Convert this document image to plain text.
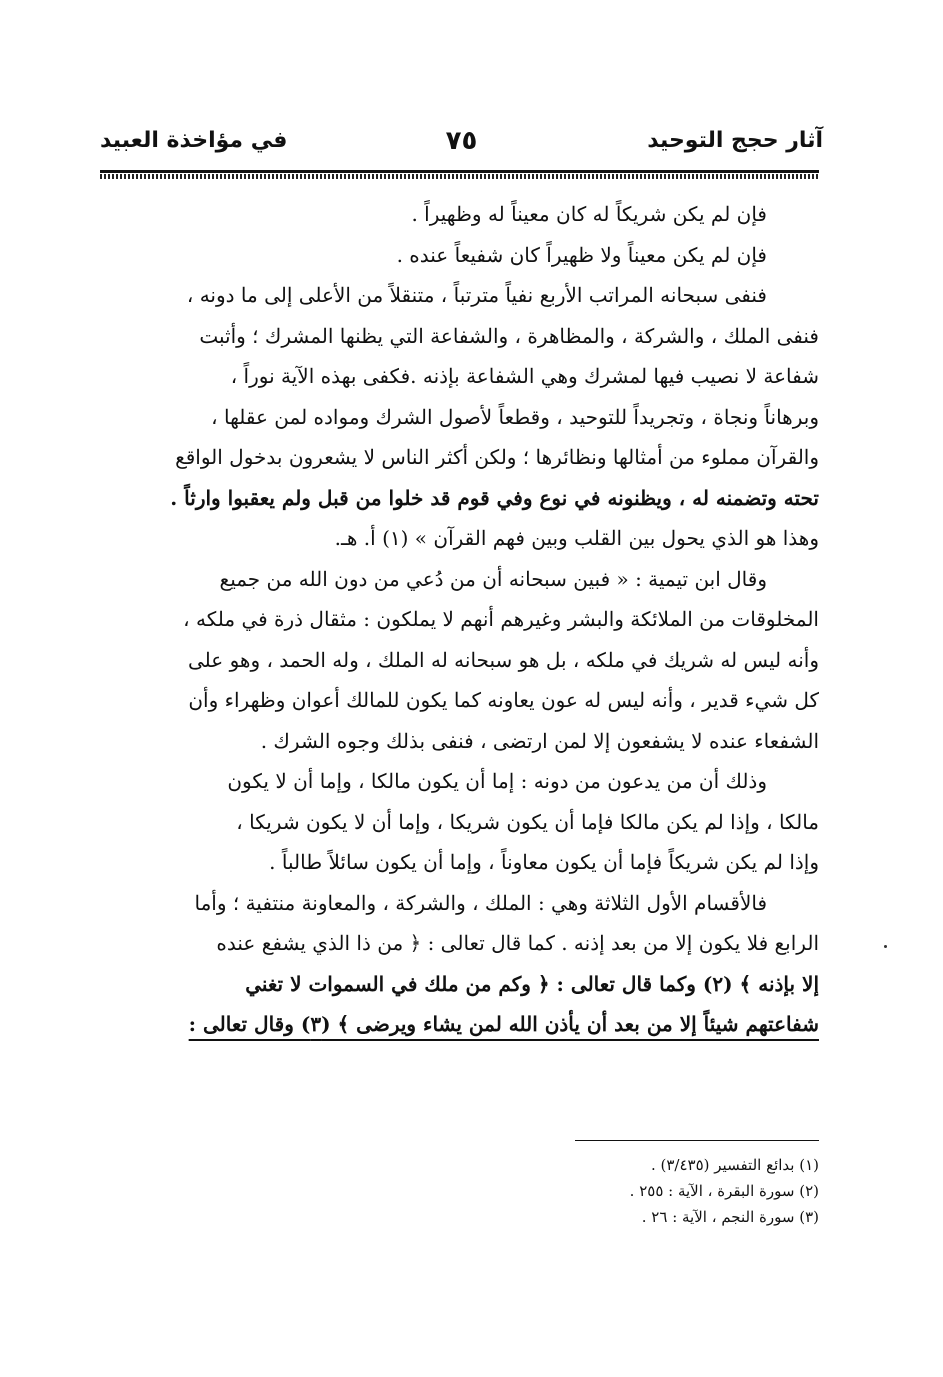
آثار حجج التوحيد
٧٥
في مؤاخذة العبيد
فإن لم يكن شريكاً له كان معيناً له وظهيراً .
فإن لم يكن معيناً ولا ظهيراً كان شفيعاً عنده .
فنفى سبحانه المراتب الأربع نفياً مترتباً ، متنقلاً من الأعلى إلى ما دونه ،
فنفى الملك ، والشركة ، والمظاهرة ، والشفاعة التي يظنها المشرك ؛ وأثبت
شفاعة لا نصيب فيها لمشرك وهي الشفاعة بإذنه .فكفى بهذه الآية نوراً ،
وبرهاناً ونجاة ، وتجريداً للتوحيد ، وقطعاً لأصول الشرك ومواده لمن عقلها ،
والقرآن مملوء من أمثالها ونظائرها ؛ ولكن أكثر الناس لا يشعرون بدخول الواقع
تحته وتضمنه له ، ويظنونه في نوع وفي قوم قد خلوا من قبل ولم يعقبوا وارثاً .
وهذا هو الذي يحول بين القلب وبين فهم القرآن » (١) أ. هـ.
وقال ابن تيمية : « فبين سبحانه أن من دُعي من دون الله من جميع
المخلوقات من الملائكة والبشر وغيرهم أنهم لا يملكون : مثقال ذرة في ملكه ،
وأنه ليس له شريك في ملكه ، بل هو سبحانه له الملك ، وله الحمد ، وهو على
كل شيء قدير ، وأنه ليس له عون يعاونه كما يكون للمالك أعوان وظهراء وأن
الشفعاء عنده لا يشفعون إلا لمن ارتضى ، فنفى بذلك وجوه الشرك .
وذلك أن من يدعون من دونه : إما أن يكون مالكا ، وإما أن لا يكون
مالكا ، وإذا لم يكن مالكا فإما أن يكون شريكا ، وإما أن لا يكون شريكا ،
وإذا لم يكن شريكاً فإما أن يكون معاوناً ، وإما أن يكون سائلاً طالباً .
فالأقسام الأول الثلاثة وهي : الملك ، والشركة ، والمعاونة منتفية ؛ وأما
الرابع فلا يكون إلا من بعد إذنه . كما قال تعالى : ﴿ من ذا الذي يشفع عنده
إلا بإذنه ﴾ (٢) وكما قال تعالى : ﴿ وكم من ملك في السموات لا تغني
شفاعتهم شيئاً إلا من بعد أن يأذن الله لمن يشاء ويرضى ﴾ (٣) وقال تعالى :
(١) بدائع التفسير (٣/٤٣٥) .
(٢) سورة البقرة ، الآية : ٢٥٥ .
(٣) سورة النجم ، الآية : ٢٦ .
